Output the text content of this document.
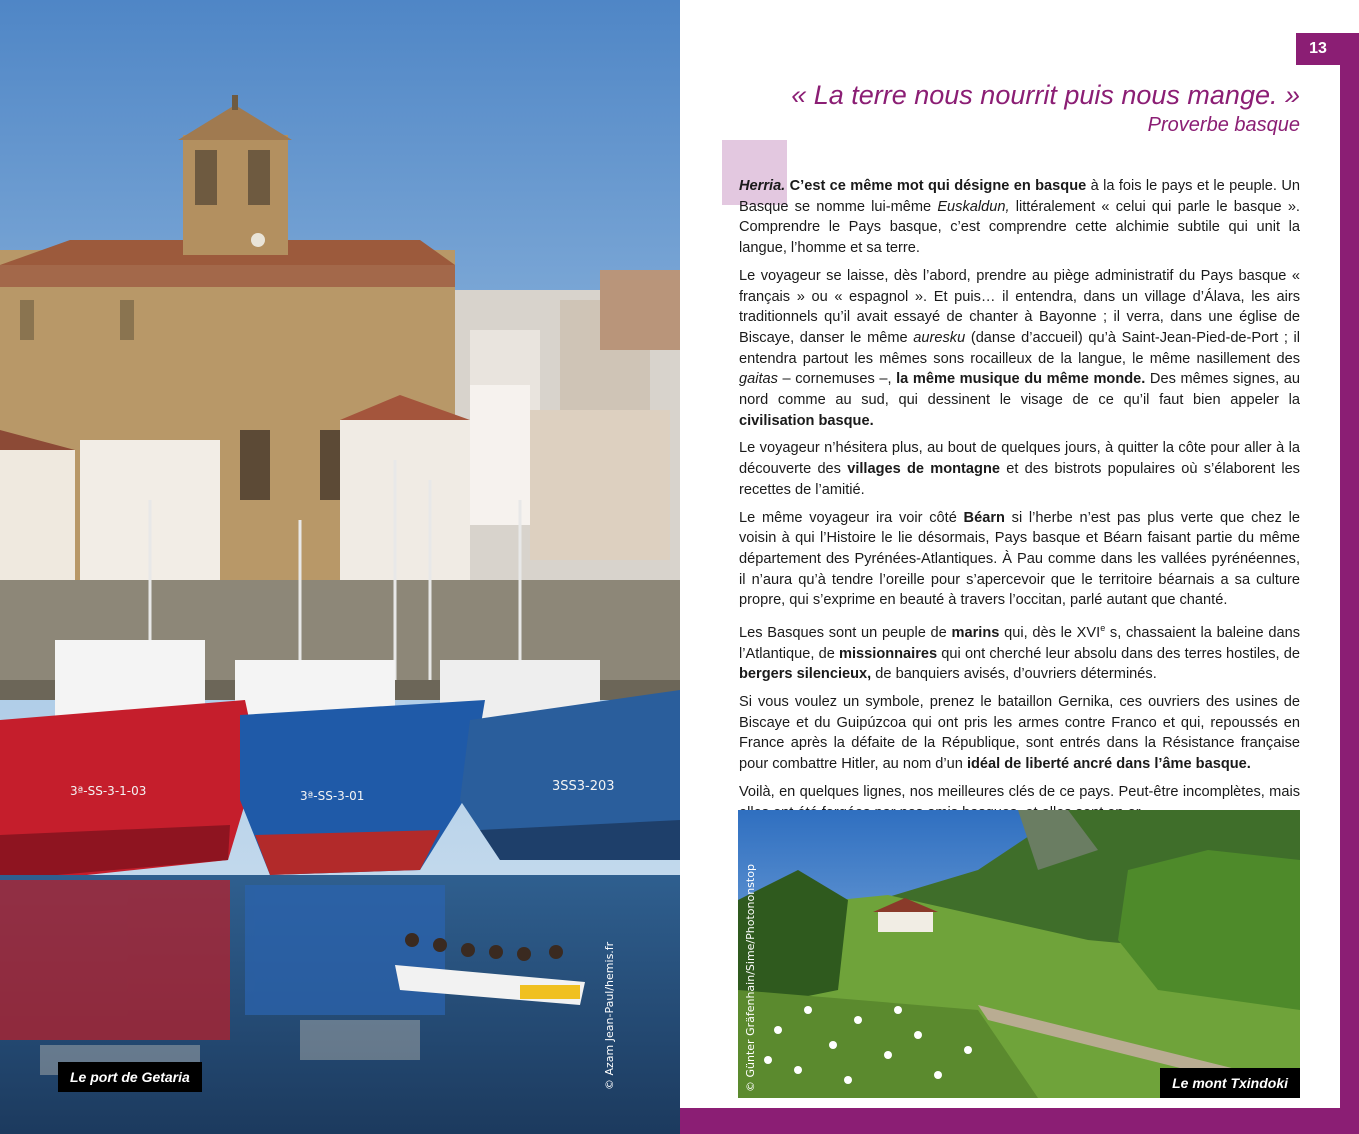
3ª-SS-3-1-03	3ª-SS-3-01
3SS3-203
Le port de Getaria	© Azam Jean-Paul/hemis.fr
13
« La terre nous nourrit puis nous mange. »
Proverbe basque

Herria. C’est ce même mot qui désigne en basque à la fois le pays et le peuple. Un Basque se nomme lui-même Euskaldun, littéralement « celui qui parle le basque ». Comprendre le Pays basque, c’est comprendre cette alchimie subtile qui unit la langue, l’homme et sa terre.

Le voyageur se laisse, dès l’abord, prendre au piège administratif du Pays basque « français » ou « espagnol ». Et puis… il entendra, dans un village d’Álava, les airs traditionnels qu’il avait essayé de chanter à Bayonne ; il verra, dans une église de Biscaye, danser le même auresku (danse d’accueil) qu’à Saint-Jean-Pied-de-Port ; il entendra partout les mêmes sons rocailleux de la langue, le même nasillement des gaitas – cornemuses –, la même musique du même monde. Des mêmes signes, au nord comme au sud, qui dessinent le visage de ce qu’il faut bien appeler la civilisation basque.

Le voyageur n’hésitera plus, au bout de quelques jours, à quitter la côte pour aller à la découverte des villages de montagne et des bistrots populaires où s’élaborent les recettes de l’amitié.

Le même voyageur ira voir côté Béarn si l’herbe n’est pas plus verte que chez le voisin à qui l’Histoire le lie désormais, Pays basque et Béarn faisant partie du même département des Pyrénées-Atlantiques. À Pau comme dans les vallées pyrénéennes, il n’aura qu’à tendre l’oreille pour s’apercevoir que le territoire béarnais a sa culture propre, qui s’exprime en beauté à travers l’occitan, parlé autant que chanté.

Les Basques sont un peuple de marins qui, dès le XVIe s, chassaient la baleine dans l’Atlantique, de missionnaires qui ont cherché leur absolu dans des terres hostiles, de bergers silencieux, de banquiers avisés, d’ouvriers déterminés.

Si vous voulez un symbole, prenez le bataillon Gernika, ces ouvriers des usines de Biscaye et du Guipúzcoa qui ont pris les armes contre Franco et qui, repoussés en France après la défaite de la République, sont entrés dans la Résistance française pour combattre Hitler, au nom d’un idéal de liberté ancré dans l’âme basque.

Voilà, en quelques lignes, nos meilleures clés de ce pays. Peut-être incomplètes, mais

Le mont Txindoki
© Günter Gräfenhain/Sime/Photononstop
